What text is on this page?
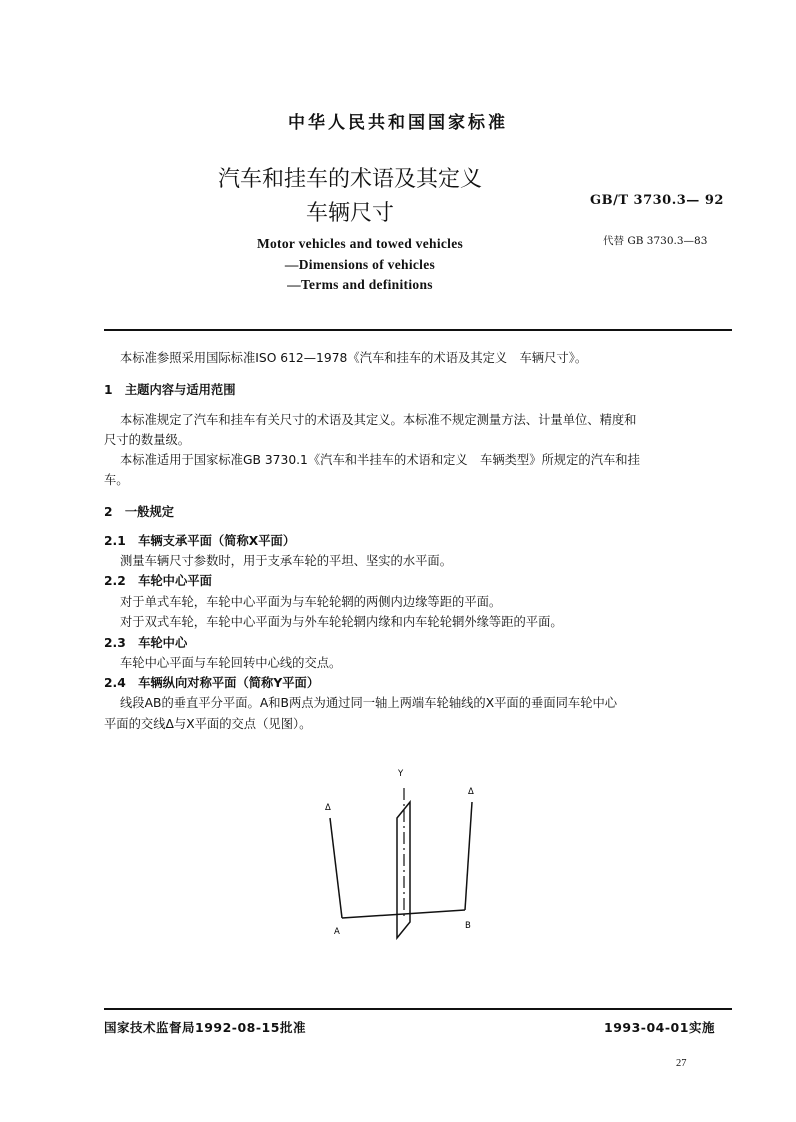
中华人民共和国国家标准
汽车和挂车的术语及其定义
车辆尺寸
GB/T 3730.3— 92
代替 GB 3730.3—83
Motor vehicles and towed vehicles
—Dimensions of vehicles
—Terms and definitions
本标准参照采用国际标准ISO 612—1978《汽车和挂车的术语及其定义　车辆尺寸》。
1　主题内容与适用范围
本标准规定了汽车和挂车有关尺寸的术语及其定义。本标准不规定测量方法、计量单位、精度和
尺寸的数量级。
本标准适用于国家标准GB 3730.1《汽车和半挂车的术语和定义　车辆类型》所规定的汽车和挂
车。
2　一般规定
2.1　车辆支承平面（简称X平面）
测量车辆尺寸参数时，用于支承车轮的平坦、坚实的水平面。
2.2　车轮中心平面
对于单式车轮，车轮中心平面为与车轮轮辋的两侧内边缘等距的平面。
对于双式车轮，车轮中心平面为与外车轮轮辋内缘和内车轮轮辋外缘等距的平面。
2.3　车轮中心
车轮中心平面与车轮回转中心线的交点。
2.4　车辆纵向对称平面（简称Y平面）
线段AB的垂直平分平面。A和B两点为通过同一轴上两端车轮轴线的X平面的垂面同车轮中心
平面的交线Δ与X平面的交点（见图）。
Y
Δ
Δ
A
B
国家技术监督局1992-08-15批准	1993-04-01实施
27
